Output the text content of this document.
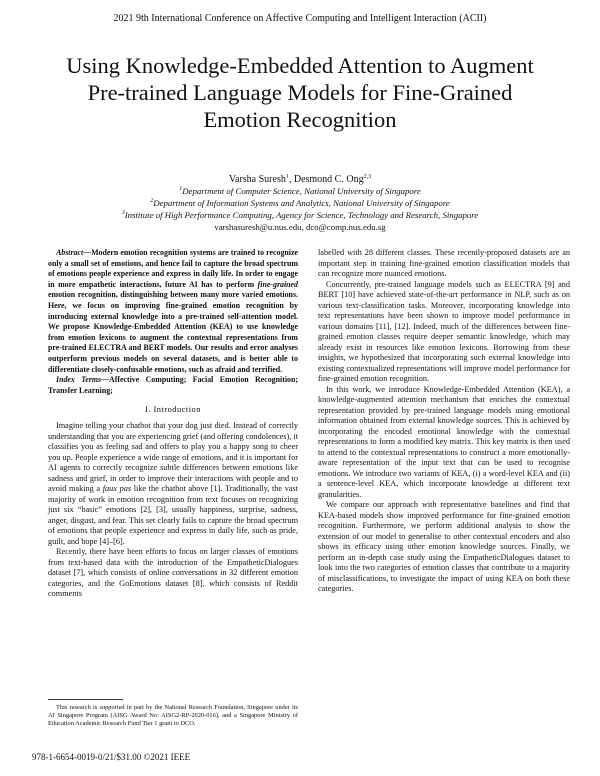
2021 9th International Conference on Affective Computing and Intelligent Interaction (ACII)
Using Knowledge-Embedded Attention to Augment
Pre-trained Language Models for Fine-Grained
Emotion Recognition
Varsha Suresh$^1$, Desmond C. Ong$^{2,3}$
$^1$Department of Computer Science, National University of Singapore
$^2$Department of Information Systems and Analytics, National University of Singapore
$^3$Institute of High Performance Computing, Agency for Science, Technology and Research, Singapore
varshasuresh@u.nus.edu, dco@comp.nus.edu.sg

Abstract—Modern emotion recognition systems are trained to recognize only a small set of emotions, and hence fail to capture the broad spectrum of emotions people experience and express in daily life. In order to engage in more empathetic interactions, future AI has to perform fine-grained emotion recognition, distinguishing between many more varied emotions. Here, we focus on improving fine-grained emotion recognition by introducing external knowledge into a pre-trained self-attention model. We propose Knowledge-Embedded Attention (KEA) to use knowledge from emotion lexicons to augment the contextual representations from pre-trained ELECTRA and BERT models. Our results and error analyses outperform previous models on several datasets, and is better able to differentiate closely-confusable emotions, such as afraid and terrified.

Index Terms—Affective Computing; Facial Emotion Recognition; Transfer Learning;

I. Introduction

Imagine telling your chatbot that your dog just died. Instead of correctly understanding that you are experiencing grief (and offering condolences), it classifies you as feeling sad and offers to play you a happy song to cheer you up. People experience a wide range of emotions, and it is important for AI agents to correctly recognize subtle differences between emotions like sadness and grief, in order to improve their interactions with people and to avoid making a faux pas like the chatbot above [1]. Traditionally, the vast majority of work in emotion recognition from text focuses on recognizing just six “basic” emotions [2], [3], usually happiness, surprise, sadness, anger, disgust, and fear. This set clearly fails to capture the broad spectrum of emotions that people experience and express in daily life, such as pride, guilt, and hope [4]–[6].

Recently, there have been efforts to focus on larger classes of emotions from text-based data with the introduction of the EmpatheticDialogues dataset [7], which consists of online conversations in 32 different emotion categories, and the GoEmotions dataset [8], which consists of Reddit comments

This research is supported in part by the National Research Foundation, Singapore under its AI Singapore Program (AISG Award No: AISG2-RP-2020-016), and a Singapore Ministry of Education Academic Research Fund Tier 1 grant to DCO.

labelled with 28 different classes. These recently-proposed datasets are an important step in training fine-grained emotion classification models that can recognize more nuanced emotions.

Concurrently, pre-trained language models such as ELECTRA [9] and BERT [10] have achieved state-of-the-art performance in NLP, such as on various text-classification tasks. Moreover, incorporating knowledge into text representations have been shown to improve model performance in various domains [11], [12]. Indeed, much of the differences between fine-grained emotion classes require deeper semantic knowledge, which may already exist in resources like emotion lexicons. Borrowing from these insights, we hypothesized that incorporating such external knowledge into existing contextualized representations will improve model performance for fine-grained emotion recognition.

In this work, we introduce Knowledge-Embedded Attention (KEA), a knowledge-augmented attention mechanism that enriches the contextual representation provided by pre-trained language models using emotional information obtained from external knowledge sources. This is achieved by incorporating the encoded emotional knowledge with the contextual representations to form a modified key matrix. This key matrix is then used to attend to the contextual representations to construct a more emotionally-aware representation of the input text that can be used to recognise emotions. We introduce two variants of KEA, (i) a word-level KEA and (ii) a sentence-level KEA, which incorporate knowledge at different text granularities.

We compare our approach with representative baselines and find that KEA-based models show improved performance for fine-grained emotion recognition. Furthermore, we perform additional analysis to show the extension of our model to generalise to other contextual encoders and also shows its efficacy using other emotion knowledge sources. Finally, we perform an in-depth case study using the EmpatheticDialogues dataset to look into the two categories of emotion classes that contribute to a majority of misclassifications, to investigate the impact of using KEA on both these categories.

978-1-6654-0019-0/21/$31.00 ©2021 IEEE
